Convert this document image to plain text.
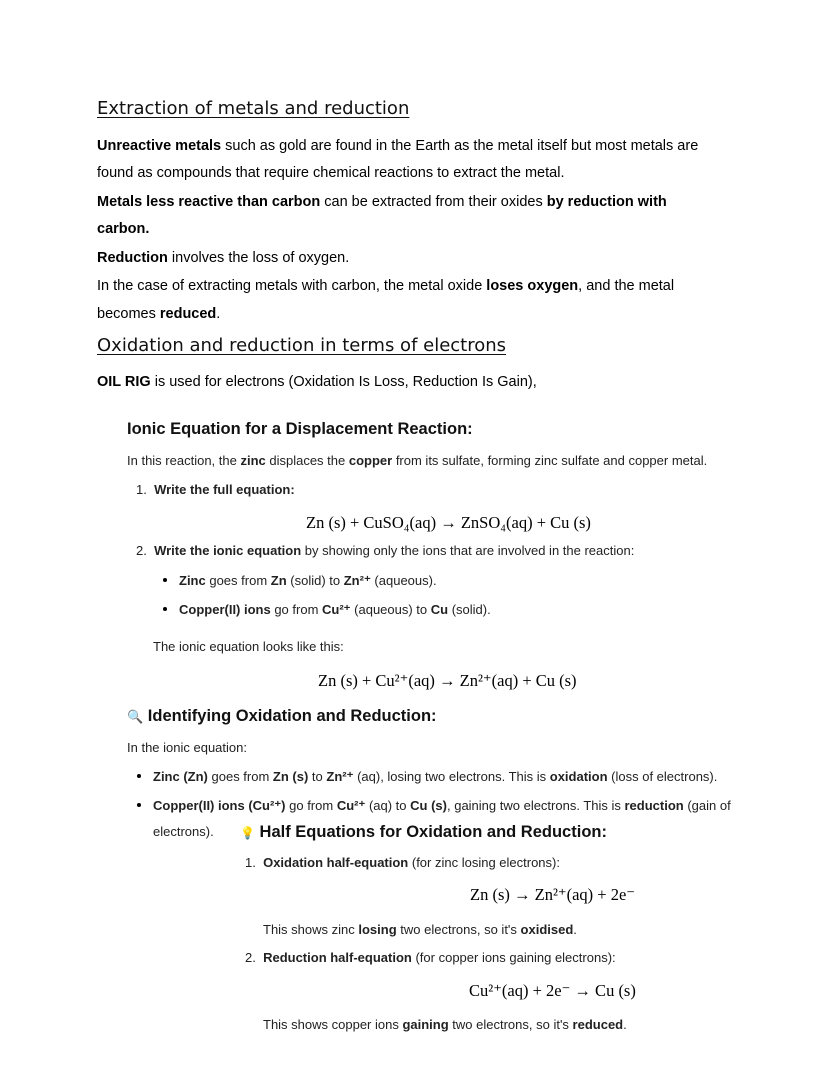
Extraction of metals and reduction
Unreactive metals such as gold are found in the Earth as the metal itself but most metals are
found as compounds that require chemical reactions to extract the metal.
Metals less reactive than carbon can be extracted from their oxides by reduction with
carbon.
Reduction involves the loss of oxygen.
In the case of extracting metals with carbon, the metal oxide loses oxygen, and the metal
becomes reduced.
Oxidation and reduction in terms of electrons
OIL RIG is used for electrons (Oxidation Is Loss, Reduction Is Gain),
Ionic Equation for a Displacement Reaction:
In this reaction, the zinc displaces the copper from its sulfate, forming zinc sulfate and copper metal.
1. Write the full equation:
Zn (s) + CuSO₄(aq) → ZnSO₄(aq) + Cu (s)
2. Write the ionic equation by showing only the ions that are involved in the reaction:
Zinc goes from Zn (solid) to Zn²⁺ (aqueous).
Copper(II) ions go from Cu²⁺ (aqueous) to Cu (solid).
The ionic equation looks like this:
Zn (s) + Cu²⁺(aq) → Zn²⁺(aq) + Cu (s)
🔍 Identifying Oxidation and Reduction:
In the ionic equation:
Zinc (Zn) goes from Zn (s) to Zn²⁺ (aq), losing two electrons. This is oxidation (loss of electrons).
Copper(II) ions (Cu²⁺) go from Cu²⁺ (aq) to Cu (s), gaining two electrons. This is reduction (gain of
electrons). 💡 Half Equations for Oxidation and Reduction:
1. Oxidation half-equation (for zinc losing electrons):
Zn (s) → Zn²⁺(aq) + 2e⁻
This shows zinc losing two electrons, so it's oxidised.
2. Reduction half-equation (for copper ions gaining electrons):
Cu²⁺(aq) + 2e⁻ → Cu (s)
This shows copper ions gaining two electrons, so it's reduced.
